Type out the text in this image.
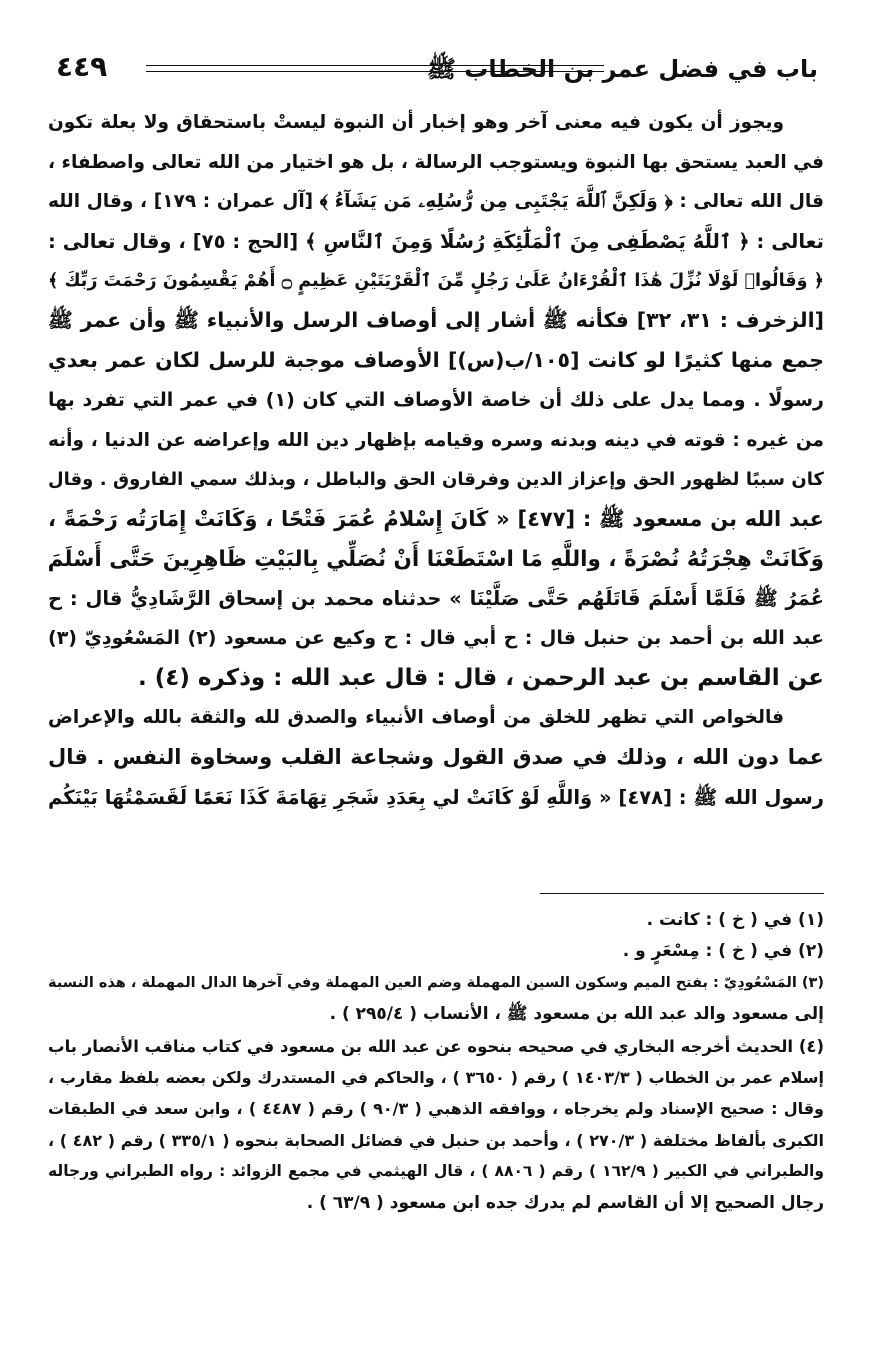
باب في فضل عمر بن الخطاب ﷺ
٤٤٩
ويجوز أن يكون فيه معنى آخر وهو إخبار أن النبوة ليستْ باستحقاق ولا بعلة تكون
في العبد يستحق بها النبوة ويستوجب الرسالة ، بل هو اختيار من الله تعالى واصطفاء ،
قال الله تعالى : ﴿ وَلَكِنَّ ٱللَّهَ يَجْتَبِى مِن رُّسُلِهِۦ مَن يَشَآءُ ﴾ [آل عمران : ١٧٩] ، وقال الله
تعالى : ﴿ ٱللَّهُ يَصْطَفِى مِنَ ٱلْمَلَٰٓئِكَةِ رُسُلًا وَمِنَ ٱلنَّاسِ ﴾ [الحج : ٧٥] ، وقال تعالى :
﴿ وَقَالُوا۟ لَوْلَا نُزِّلَ هَٰذَا ٱلْقُرْءَانُ عَلَىٰ رَجُلٍ مِّنَ ٱلْقَرْيَتَيْنِ عَظِيمٍ ۝ أَهُمْ يَقْسِمُونَ رَحْمَتَ رَبِّكَ ﴾
[الزخرف : ٣١، ٣٢] فكأنه ﷺ أشار إلى أوصاف الرسل والأنبياء ﷺ وأن عمر ﷺ
جمع منها كثيرًا لو كانت [١٠٥/ب(س)] الأوصاف موجبة للرسل لكان عمر بعدي
رسولًا . ومما يدل على ذلك أن خاصة الأوصاف التي كان (١) في عمر التي تفرد بها
من غيره : قوته في دينه وبدنه وسره وقيامه بإظهار دين الله وإعراضه عن الدنيا ، وأنه
كان سببًا لظهور الحق وإعزاز الدين وفرقان الحق والباطل ، وبذلك سمي الفاروق . وقال
عبد الله بن مسعود ﷺ : [٤٧٧] « كَانَ إِسْلامُ عُمَرَ فَتْحًا ، وَكَانَتْ إِمَارَتُه رَحْمَةً ،
وَكَانَتْ هِجْرَتُهُ نُصْرَةً ، واللَّهِ مَا اسْتَطَعْنَا أَنْ نُصَلِّي بِالبَيْتِ ظَاهِرِينَ حَتَّى أَسْلَمَ
عُمَرُ ﷺ فَلَمَّا أَسْلَمَ قَاتَلَهُم حَتَّى صَلَّيْنَا » حدثناه محمد بن إسحاق الرَّشَادِيُّ قال : ح
عبد الله بن أحمد بن حنبل قال : ح أبي قال : ح وكيع عن مسعود (٢) المَسْعُودِيّ (٣)
عن القاسم بن عبد الرحمن ، قال : قال عبد الله : وذكره (٤) .
فالخواص التي تظهر للخلق من أوصاف الأنبياء والصدق لله والثقة بالله والإعراض
عما دون الله ، وذلك في صدق القول وشجاعة القلب وسخاوة النفس . قال
رسول الله ﷺ : [٤٧٨] « وَاللَّهِ لَوْ كَانَتْ لي بِعَدَدِ شَجَرِ تِهَامَةَ كَذَا نَعَمًا لَقَسَمْتُهَا بَيْنَكُم
(١) في ( خ ) : كانت .
(٢) في ( خ ) : مِسْعَرٍ و .
(٣) المَسْعُودِيّ : بفتح الميم وسكون السين المهملة وضم العين المهملة وفي آخرها الدال المهملة ، هذه النسبة
إلى مسعود والد عبد الله بن مسعود ﷺ ، الأنساب ( ٢٩٥/٤ ) .
(٤) الحديث أخرجه البخاري في صحيحه بنحوه عن عبد الله بن مسعود في كتاب مناقب الأنصار باب
إسلام عمر بن الخطاب ( ١٤٠٣/٣ ) رقم ( ٣٦٥٠ ) ، والحاكم في المستدرك ولكن بعضه بلفظ مقارب ،
وقال : صحيح الإسناد ولم يخرجاه ، ووافقه الذهبي ( ٩٠/٣ ) رقم ( ٤٤٨٧ ) ، وابن سعد في الطبقات
الكبرى بألفاظ مختلفة ( ٢٧٠/٣ ) ، وأحمد بن حنبل في فضائل الصحابة بنحوه ( ٣٣٥/١ ) رقم ( ٤٨٢ ) ،
والطبراني في الكبير ( ١٦٢/٩ ) رقم ( ٨٨٠٦ ) ، قال الهيثمي في مجمع الزوائد : رواه الطبراني ورجاله
رجال الصحيح إلا أن القاسم لم يدرك جده ابن مسعود ( ٦٣/٩ ) .
